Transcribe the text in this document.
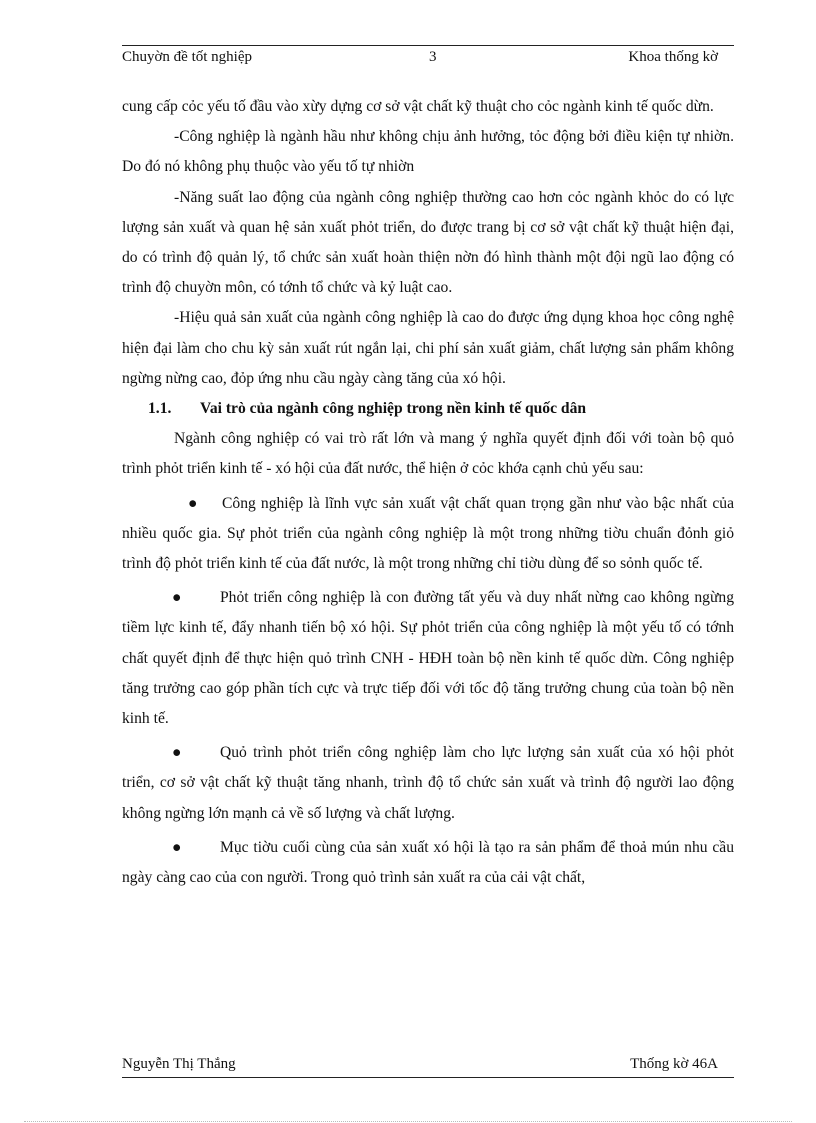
Chuyờn đề tốt nghiệp	3	Khoa thống kờ

cung cấp cỏc yếu tố đầu vào xừy dựng cơ sở vật chất kỹ thuật cho cỏc ngành kinh tế quốc dừn.

-Công nghiệp là ngành hầu như không chịu ảnh hưởng, tỏc động bởi điều kiện tự nhiờn. Do đó nó không phụ thuộc vào yếu tố tự nhiờn

-Năng suất lao động của ngành công nghiệp thường cao hơn cỏc ngành khỏc do có lực lượng sản xuất và quan hệ sản xuất phỏt triển, do được trang bị cơ sở vật chất kỹ thuật hiện đại, do có trình độ quản lý, tổ chức sản xuất hoàn thiện nờn đó hình thành một đội ngũ lao động có trình độ chuyờn môn, có tớnh tổ chức và kỷ luật cao.

-Hiệu quả sản xuất của ngành công nghiệp là cao do được ứng dụng khoa học công nghệ hiện đại làm cho chu kỳ sản xuất rút ngắn lại, chi phí sản xuất giảm, chất lượng sản phẩm không ngừng nừng cao, đỏp ứng nhu cầu ngày càng tăng của xó hội.

1.1. Vai trò của ngành công nghiệp trong nền kinh tế quốc dân

Ngành công nghiệp có vai trò rất lớn và mang ý nghĩa quyết định đối với toàn bộ quỏ trình phỏt triển kinh tế - xó hội của đất nước, thể hiện ở cỏc khớa cạnh chủ yếu sau:

● Công nghiệp là lĩnh vực sản xuất vật chất quan trọng gần như vào bậc nhất của nhiều quốc gia. Sự phỏt triển của ngành công nghiệp là một trong những tiờu chuẩn đỏnh giỏ trình độ phỏt triển kinh tế của đất nước, là một trong những chỉ tiờu dùng để so sỏnh quốc tế.

● Phỏt triển công nghiệp là con đường tất yếu và duy nhất nừng cao không ngừng tiềm lực kinh tế, đẩy nhanh tiến bộ xó hội. Sự phỏt triển của công nghiệp là một yếu tố có tớnh chất quyết định để thực hiện quỏ trình CNH - HĐH toàn bộ nền kinh tế quốc dừn. Công nghiệp tăng trưởng cao góp phần tích cực và trực tiếp đối với tốc độ tăng trưởng chung của toàn bộ nền kinh tế.

● Quỏ trình phỏt triển công nghiệp làm cho lực lượng sản xuất của xó hội phỏt triển, cơ sở vật chất kỹ thuật tăng nhanh, trình độ tổ chức sản xuất và trình độ người lao động không ngừng lớn mạnh cả về số lượng và chất lượng.

● Mục tiờu cuối cùng của sản xuất xó hội là tạo ra sản phẩm để thoả mún nhu cầu ngày càng cao của con người. Trong quỏ trình sản xuất ra của cải vật chất,

Nguyễn Thị Thắng	Thống kờ 46A
